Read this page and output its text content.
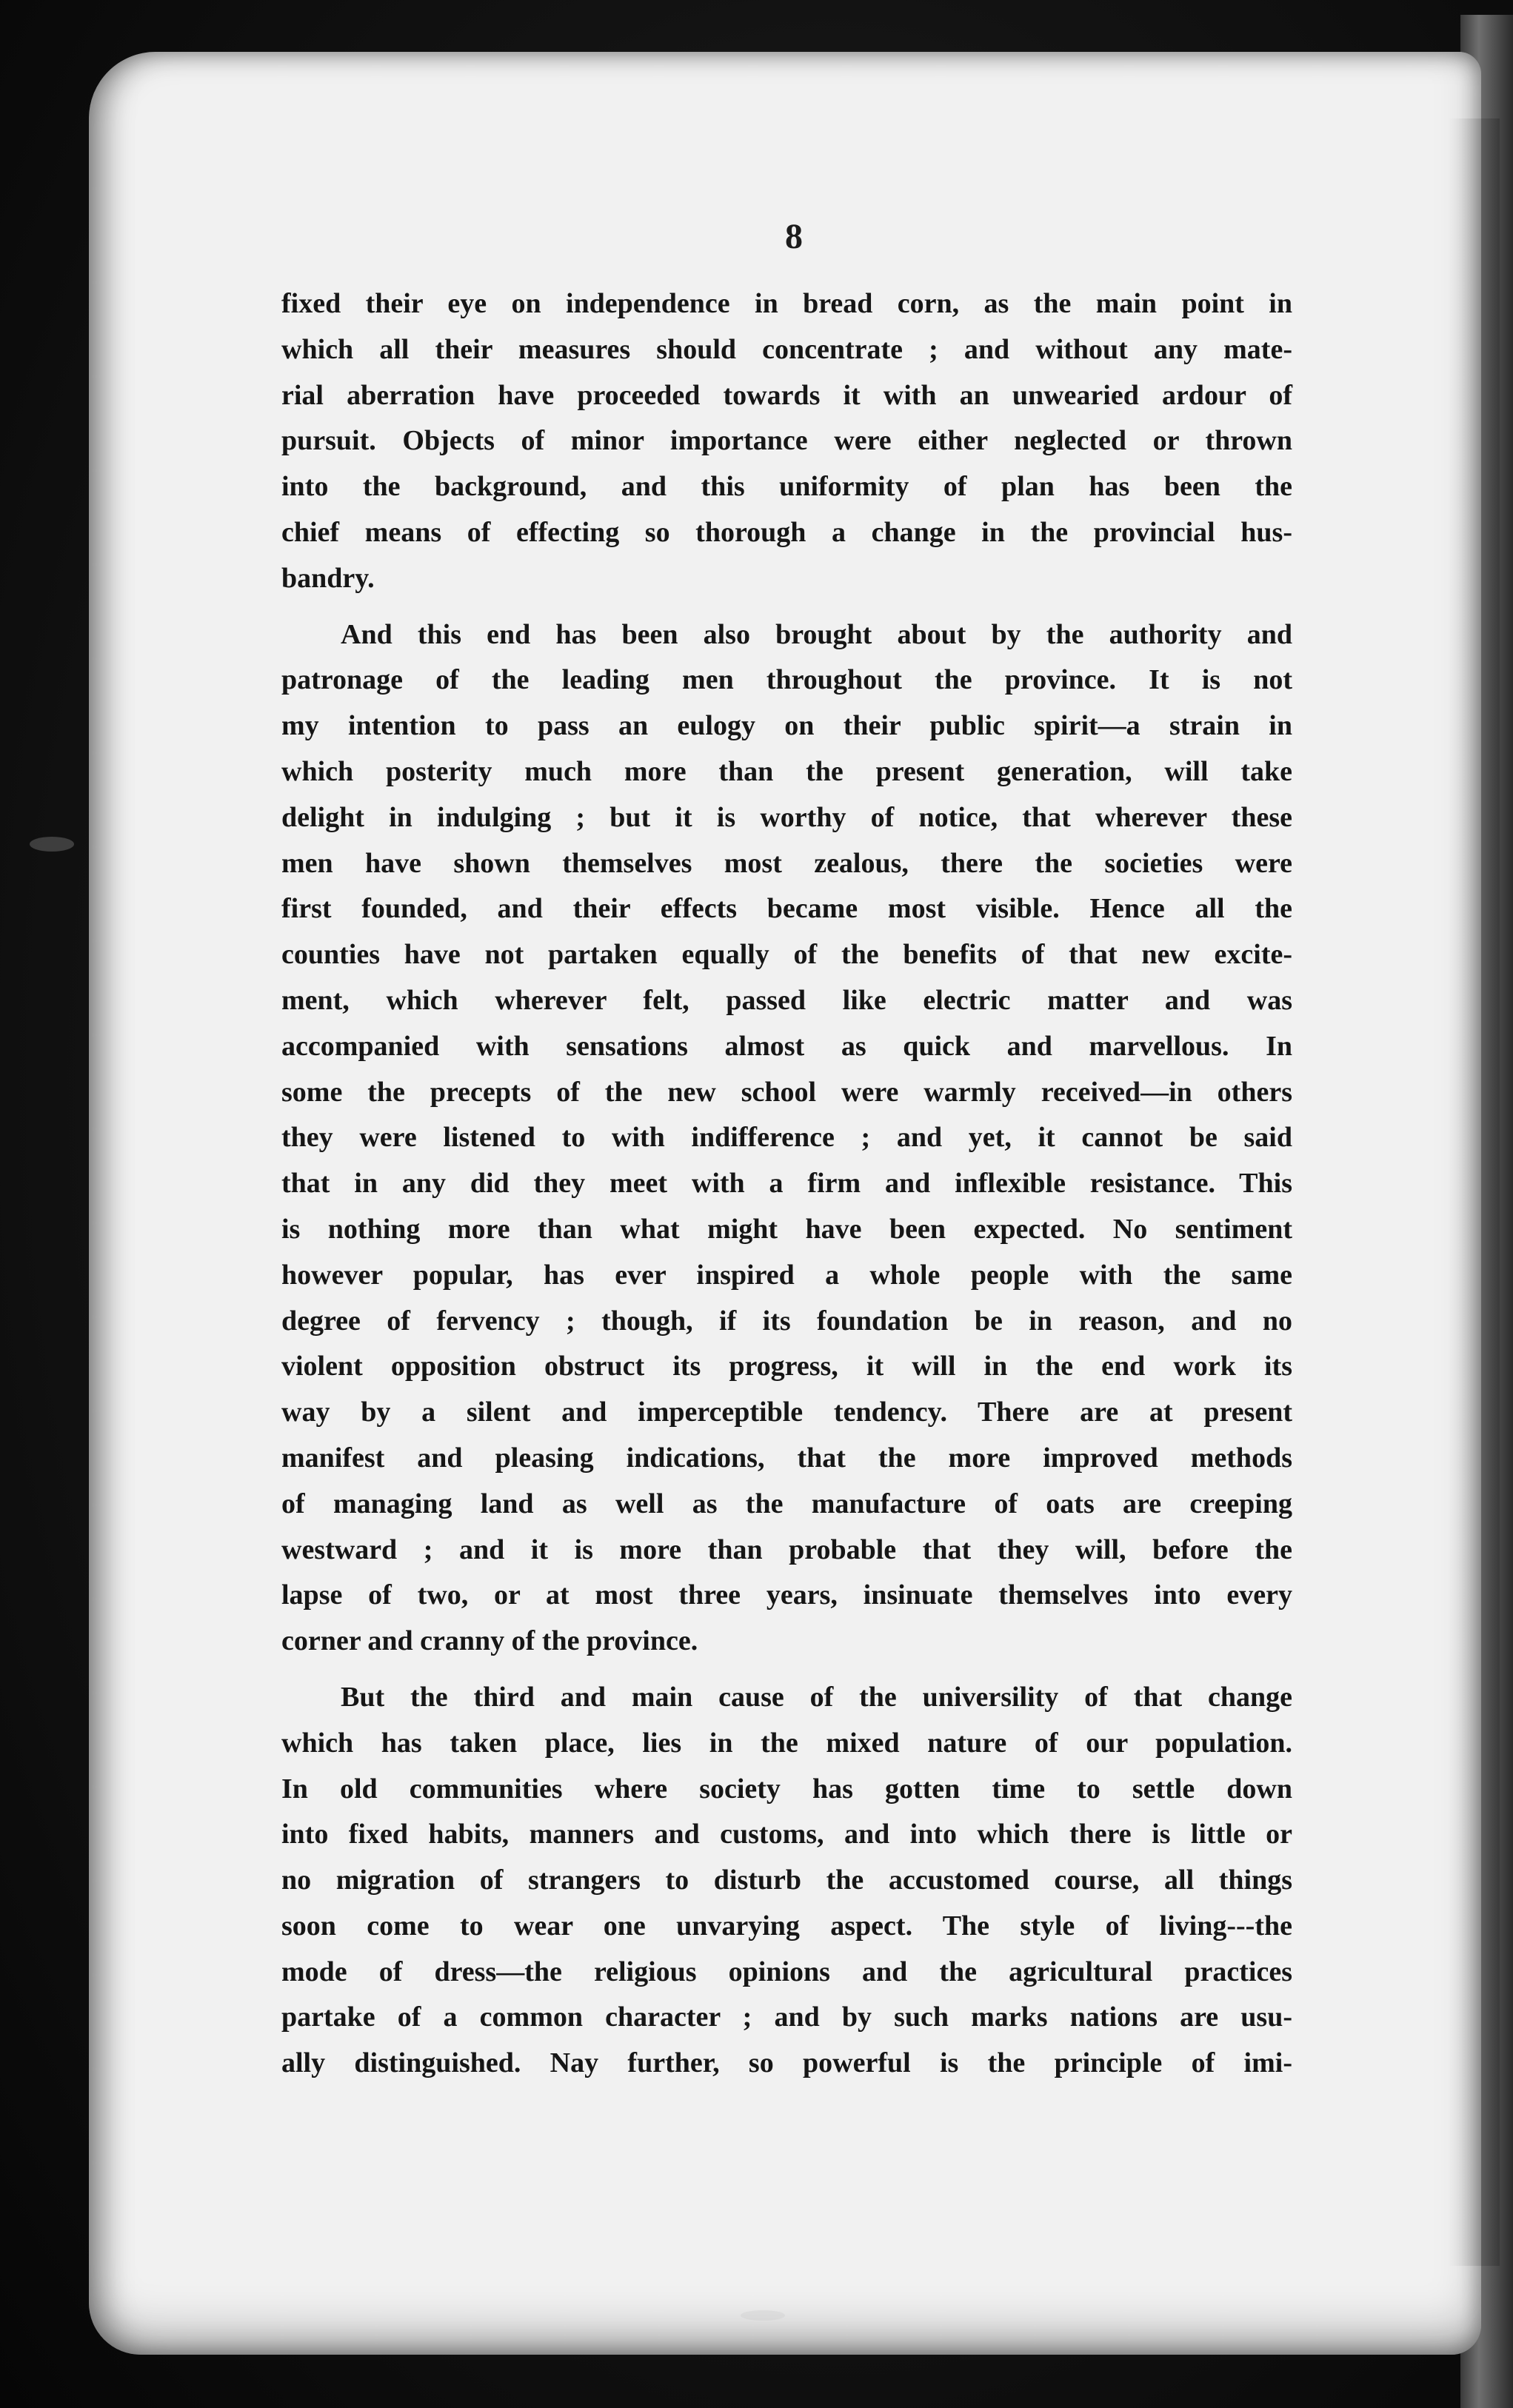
8
fixed their eye on independence in bread corn, as the main point in
which all their measures should concentrate ; and without any mate-
rial aberration have proceeded towards it with an unwearied ardour of
pursuit. Objects of minor importance were either neglected or thrown
into the background, and this uniformity of plan has been the
chief means of effecting so thorough a change in the provincial hus-
bandry.
And this end has been also brought about by the authority and
patronage of the leading men throughout the province. It is not
my intention to pass an eulogy on their public spirit—a strain in
which posterity much more than the present generation, will take
delight in indulging ; but it is worthy of notice, that wherever these
men have shown themselves most zealous, there the societies were
first founded, and their effects became most visible. Hence all the
counties have not partaken equally of the benefits of that new excite-
ment, which wherever felt, passed like electric matter and was
accompanied with sensations almost as quick and marvellous. In
some the precepts of the new school were warmly received—in others
they were listened to with indifference ; and yet, it cannot be said
that in any did they meet with a firm and inflexible resistance. This
is nothing more than what might have been expected. No sentiment
however popular, has ever inspired a whole people with the same
degree of fervency ; though, if its foundation be in reason, and no
violent opposition obstruct its progress, it will in the end work its
way by a silent and imperceptible tendency. There are at present
manifest and pleasing indications, that the more improved methods
of managing land as well as the manufacture of oats are creeping
westward ; and it is more than probable that they will, before the
lapse of two, or at most three years, insinuate themselves into every
corner and cranny of the province.
But the third and main cause of the universility of that change
which has taken place, lies in the mixed nature of our population.
In old communities where society has gotten time to settle down
into fixed habits, manners and customs, and into which there is little or
no migration of strangers to disturb the accustomed course, all things
soon come to wear one unvarying aspect. The style of living---the
mode of dress—the religious opinions and the agricultural practices
partake of a common character ; and by such marks nations are usu-
ally distinguished. Nay further, so powerful is the principle of imi-
